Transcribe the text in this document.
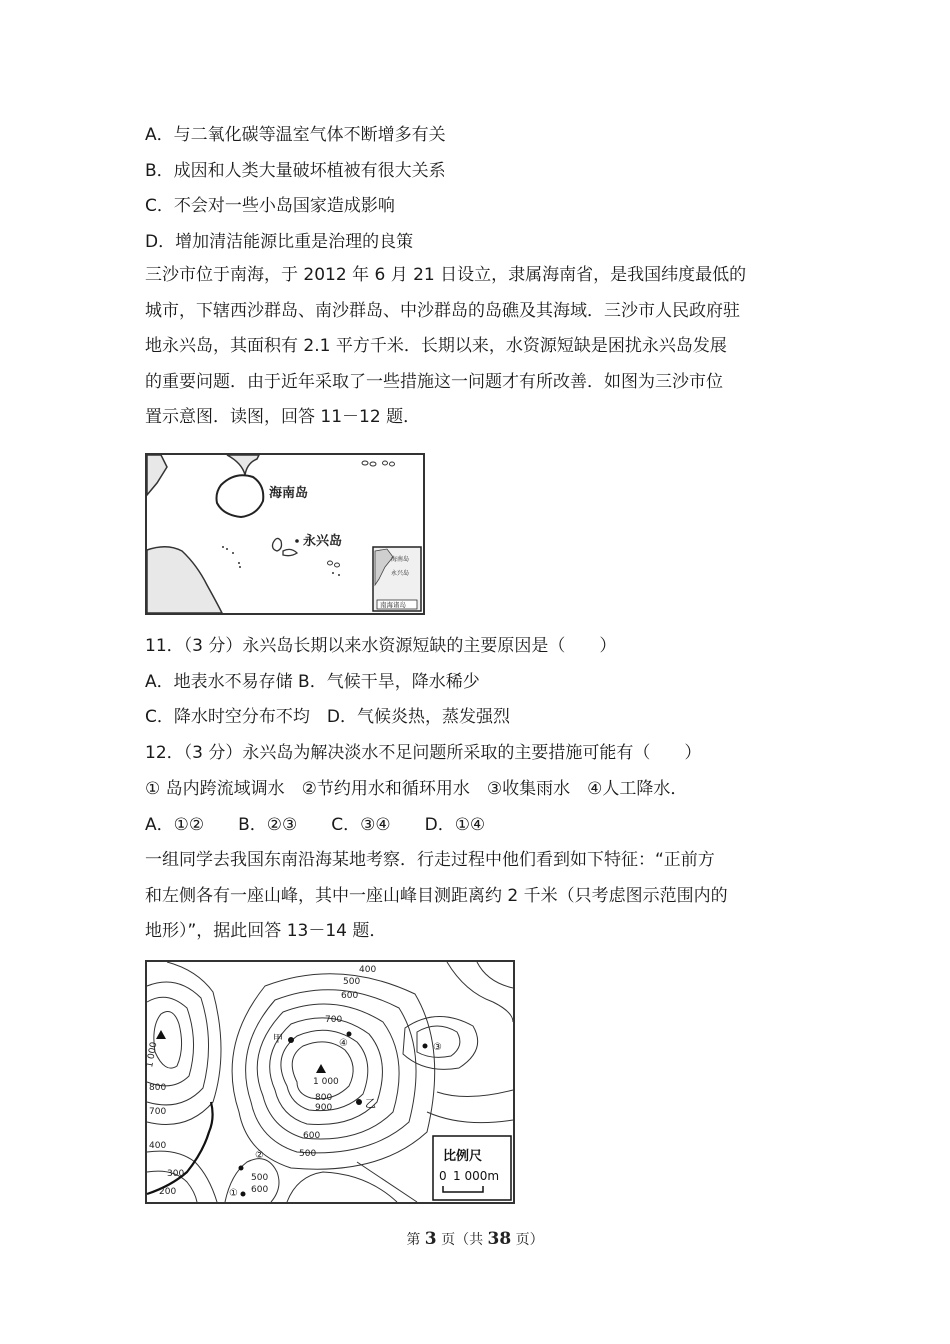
A．与二氧化碳等温室气体不断增多有关
B．成因和人类大量破坏植被有很大关系
C．不会对一些小岛国家造成影响
D．增加清洁能源比重是治理的良策
三沙市位于南海，于 2012 年 6 月 21 日设立，隶属海南省，是我国纬度最低的
城市，下辖西沙群岛、南沙群岛、中沙群岛的岛礁及其海域．三沙市人民政府驻
地永兴岛，其面积有 2.1 平方千米．长期以来，水资源短缺是困扰永兴岛发展
的重要问题．由于近年采取了一些措施这一问题才有所改善．如图为三沙市位
置示意图．读图，回答 11－12 题．
海南岛
永兴岛
海南岛
永兴岛
南海诸岛
11．（3 分）永兴岛长期以来水资源短缺的主要原因是（　　）
A．地表水不易存储 B．气候干旱，降水稀少
C．降水时空分布不均　D．气候炎热，蒸发强烈
12．（3 分）永兴岛为解决淡水不足问题所采取的主要措施可能有（　　）
① 岛内跨流域调水　②节约用水和循环用水　③收集雨水　④人工降水．
A．①②　　B．②③　　C．③④　　D．①④
一组同学去我国东南沿海某地考察．行走过程中他们看到如下特征：“正前方
和左侧各有一座山峰，其中一座山峰目测距离约 2 千米（只考虑图示范围内的
地形）”，据此回答 13－14 题．
400
500
600
700
900
1 000
800
600
500
1 000
800
700
400
300
200
500
600
甲
乙
④	③
②
①
比例尺
0 1 000m
第 3 页（共 38 页）
